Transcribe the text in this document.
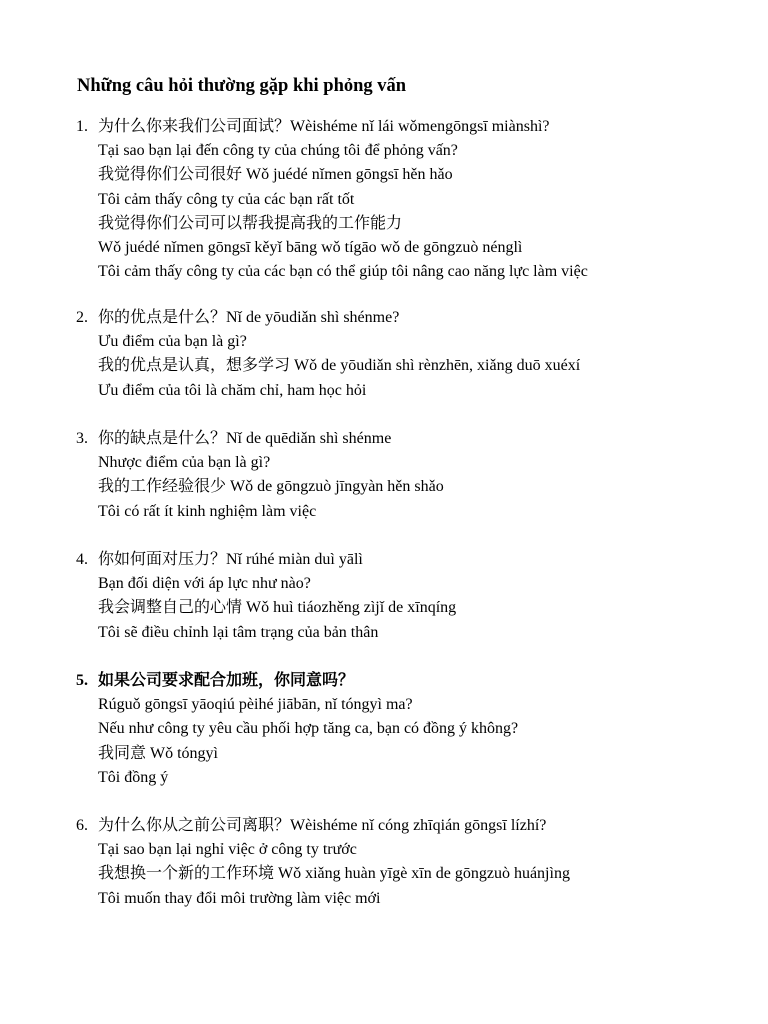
Những câu hỏi thường gặp khi phỏng vấn
1. 为什么你来我们公司面试？Wèishéme nǐ lái wǒmengōngsī miànshì?
Tại sao bạn lại đến công ty của chúng tôi để phỏng vấn?
我觉得你们公司很好 Wǒ juédé nǐmen gōngsī hěn hǎo
Tôi cảm thấy công ty của các bạn rất tốt
我觉得你们公司可以帮我提高我的工作能力
Wǒ juédé nǐmen gōngsī kěyǐ bāng wǒ tígāo wǒ de gōngzuò nénglì
Tôi cảm thấy công ty của các bạn có thể giúp tôi nâng cao năng lực làm việc
2. 你的优点是什么？Nǐ de yōudiǎn shì shénme?
Ưu điểm của bạn là gì?
我的优点是认真，想多学习 Wǒ de yōudiǎn shì rènzhēn, xiǎng duō xuéxí
Ưu điểm của tôi là chăm chỉ, ham học hỏi
3. 你的缺点是什么？Nǐ de quēdiǎn shì shénme
Nhược điểm của bạn là gì?
我的工作经验很少 Wǒ de gōngzuò jīngyàn hěn shǎo
Tôi có rất ít kinh nghiệm làm việc
4. 你如何面对压力？Nǐ rúhé miàn duì yālì
Bạn đối diện với áp lực như nào?
我会调整自己的心情 Wǒ huì tiáozhěng zìjǐ de xīnqíng
Tôi sẽ điều chỉnh lại tâm trạng của bản thân
5. 如果公司要求配合加班，你同意吗？
Rúguǒ gōngsī yāoqiú pèihé jiābān, nǐ tóngyì ma?
Nếu như công ty yêu cầu phối hợp tăng ca, bạn có đồng ý không?
我同意 Wǒ tóngyì
Tôi đồng ý
6. 为什么你从之前公司离职？Wèishéme nǐ cóng zhīqián gōngsī lízhí?
Tại sao bạn lại nghỉ việc ở công ty trước
我想换一个新的工作环境 Wǒ xiǎng huàn yīgè xīn de gōngzuò huánjìng
Tôi muốn thay đổi môi trường làm việc mới
